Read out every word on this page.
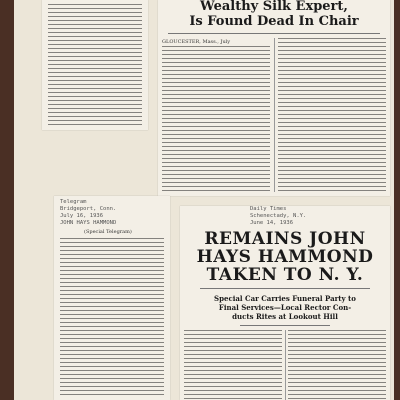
Wealthy Silk Expert,
Is Found Dead In Chair
GLOUCESTER, Mass., July
Telegram
Bridgeport, Conn.
July 16, 1936
JOHN HAYS HAMMOND
(Special Telegram)
Daily Times
Schenectady, N.Y.
June 14, 1936
REMAINS JOHN
HAYS HAMMOND
TAKEN TO N. Y.
Special Car Carries Funeral Party to
Final Services—Local Rector Con-
ducts Rites at Lookout Hill
